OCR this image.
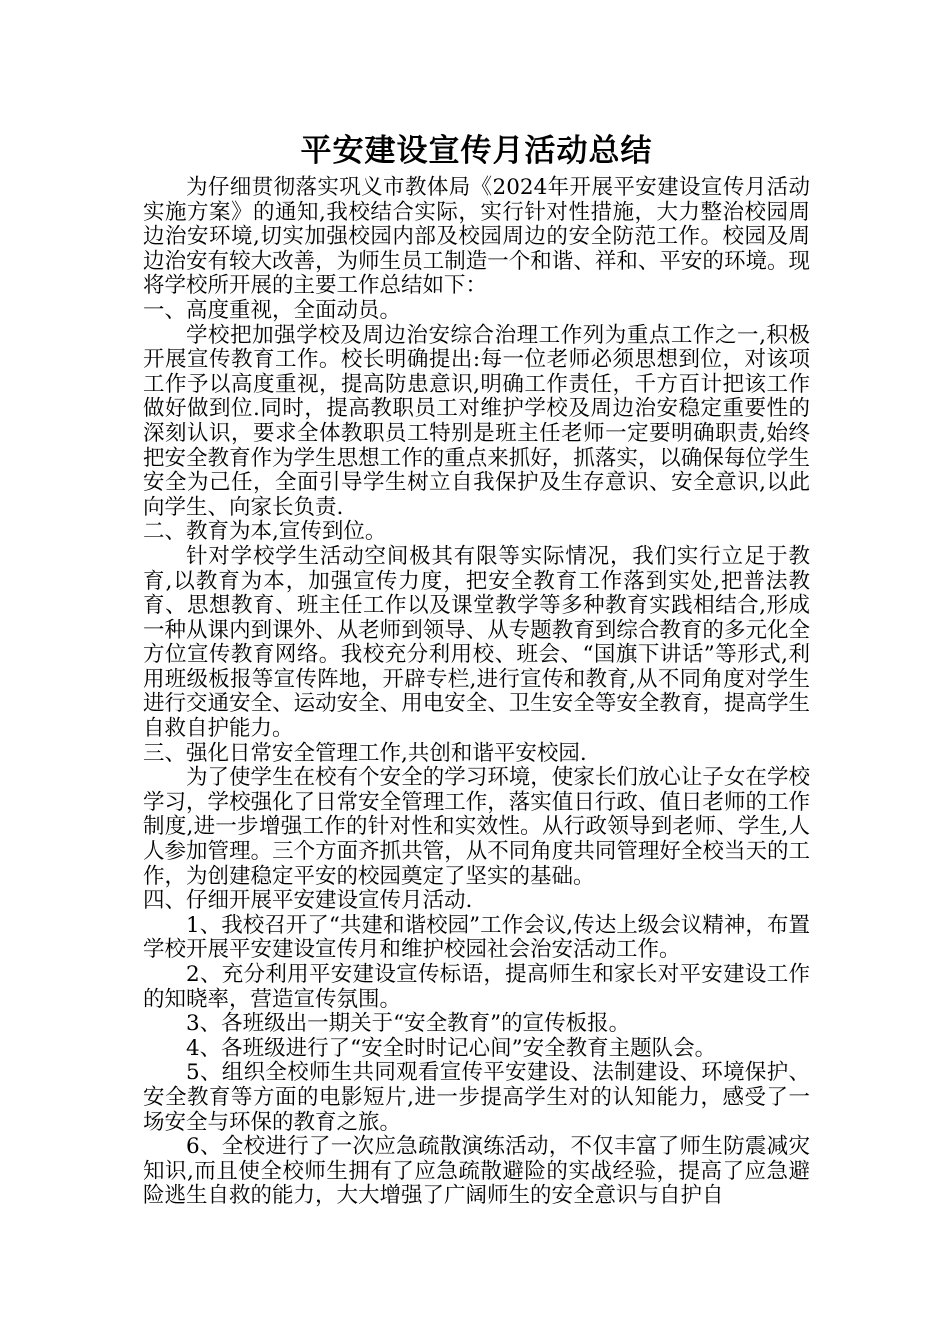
平安建设宣传月活动总结

为仔细贯彻落实巩义市教体局《2024年开展平安建设宣传月活动实施方案》的通知,我校结合实际，实行针对性措施，大力整治校园周边治安环境,切实加强校园内部及校园周边的安全防范工作。校园及周边治安有较大改善，为师生员工制造一个和谐、祥和、平安的环境。现将学校所开展的主要工作总结如下：

一、高度重视，全面动员。

学校把加强学校及周边治安综合治理工作列为重点工作之一,积极开展宣传教育工作。校长明确提出:每一位老师必须思想到位，对该项工作予以高度重视，提高防患意识,明确工作责任，千方百计把该工作做好做到位.同时，提高教职员工对维护学校及周边治安稳定重要性的深刻认识，要求全体教职员工特别是班主任老师一定要明确职责,始终把安全教育作为学生思想工作的重点来抓好，抓落实，以确保每位学生安全为己任，全面引导学生树立自我保护及生存意识、安全意识,以此向学生、向家长负责.

二、教育为本,宣传到位。

针对学校学生活动空间极其有限等实际情况，我们实行立足于教育,以教育为本，加强宣传力度，把安全教育工作落到实处,把普法教育、思想教育、班主任工作以及课堂教学等多种教育实践相结合,形成一种从课内到课外、从老师到领导、从专题教育到综合教育的多元化全方位宣传教育网络。我校充分利用校、班会、“国旗下讲话”等形式,利用班级板报等宣传阵地，开辟专栏,进行宣传和教育,从不同角度对学生进行交通安全、运动安全、用电安全、卫生安全等安全教育，提高学生自救自护能力。

三、强化日常安全管理工作,共创和谐平安校园.

为了使学生在校有个安全的学习环境，使家长们放心让子女在学校学习，学校强化了日常安全管理工作，落实值日行政、值日老师的工作制度,进一步增强工作的针对性和实效性。从行政领导到老师、学生,人人参加管理。三个方面齐抓共管，从不同角度共同管理好全校当天的工作，为创建稳定平安的校园奠定了坚实的基础。

四、仔细开展平安建设宣传月活动.

1、我校召开了“共建和谐校园”工作会议,传达上级会议精神，布置学校开展平安建设宣传月和维护校园社会治安活动工作。

2、充分利用平安建设宣传标语，提高师生和家长对平安建设工作的知晓率，营造宣传氛围。

3、各班级出一期关于“安全教育”的宣传板报。

4、各班级进行了“安全时时记心间”安全教育主题队会。

5、组织全校师生共同观看宣传平安建设、法制建设、环境保护、安全教育等方面的电影短片,进一步提高学生对的认知能力，感受了一场安全与环保的教育之旅。

6、全校进行了一次应急疏散演练活动，不仅丰富了师生防震减灾知识,而且使全校师生拥有了应急疏散避险的实战经验，提高了应急避险逃生自救的能力，大大增强了广阔师生的安全意识与自护自
